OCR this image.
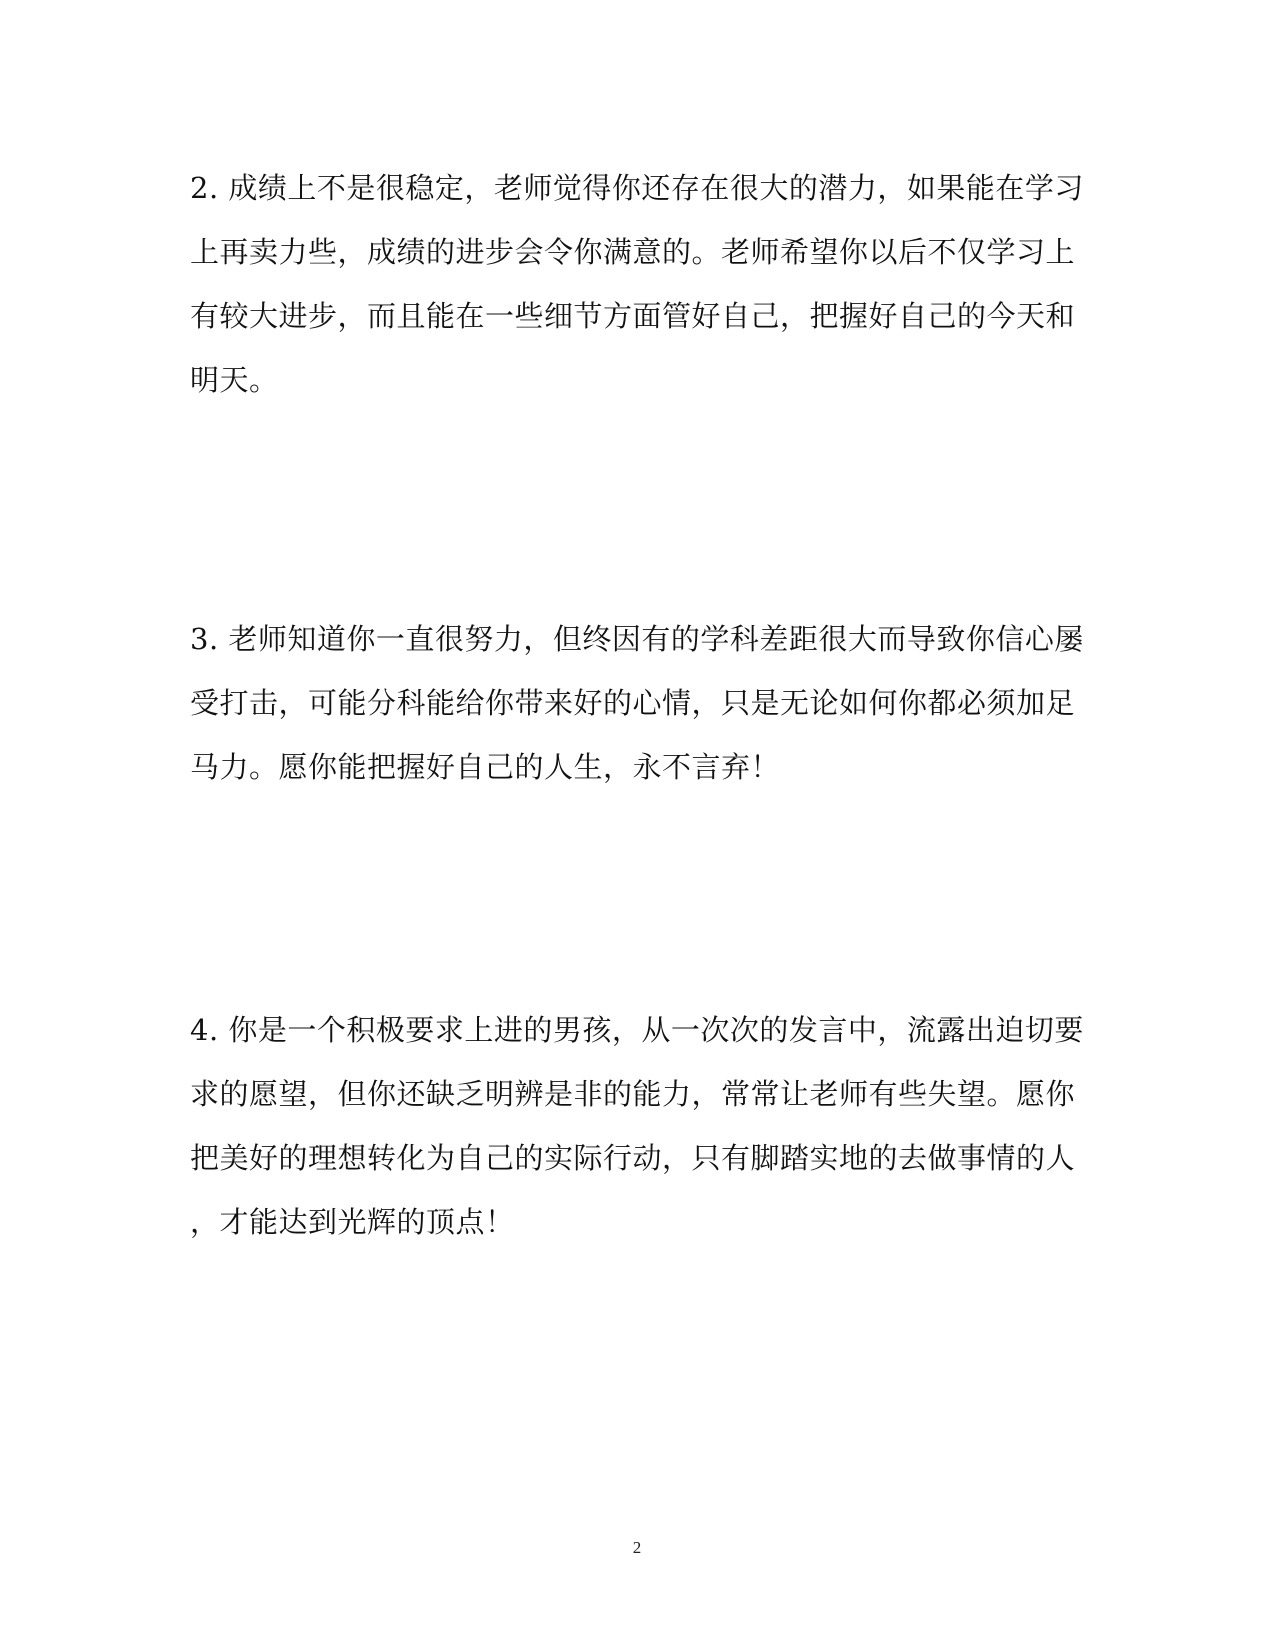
2. 成绩上不是很稳定，老师觉得你还存在很大的潜力，如果能在学习
上再卖力些，成绩的进步会令你满意的。老师希望你以后不仅学习上
有较大进步，而且能在一些细节方面管好自己，把握好自己的今天和
明天。

3. 老师知道你一直很努力，但终因有的学科差距很大而导致你信心屡
受打击，可能分科能给你带来好的心情，只是无论如何你都必须加足
马力。愿你能把握好自己的人生，永不言弃！

4. 你是一个积极要求上进的男孩，从一次次的发言中，流露出迫切要
求的愿望，但你还缺乏明辨是非的能力，常常让老师有些失望。愿你
把美好的理想转化为自己的实际行动，只有脚踏实地的去做事情的人
，才能达到光辉的顶点！

2
